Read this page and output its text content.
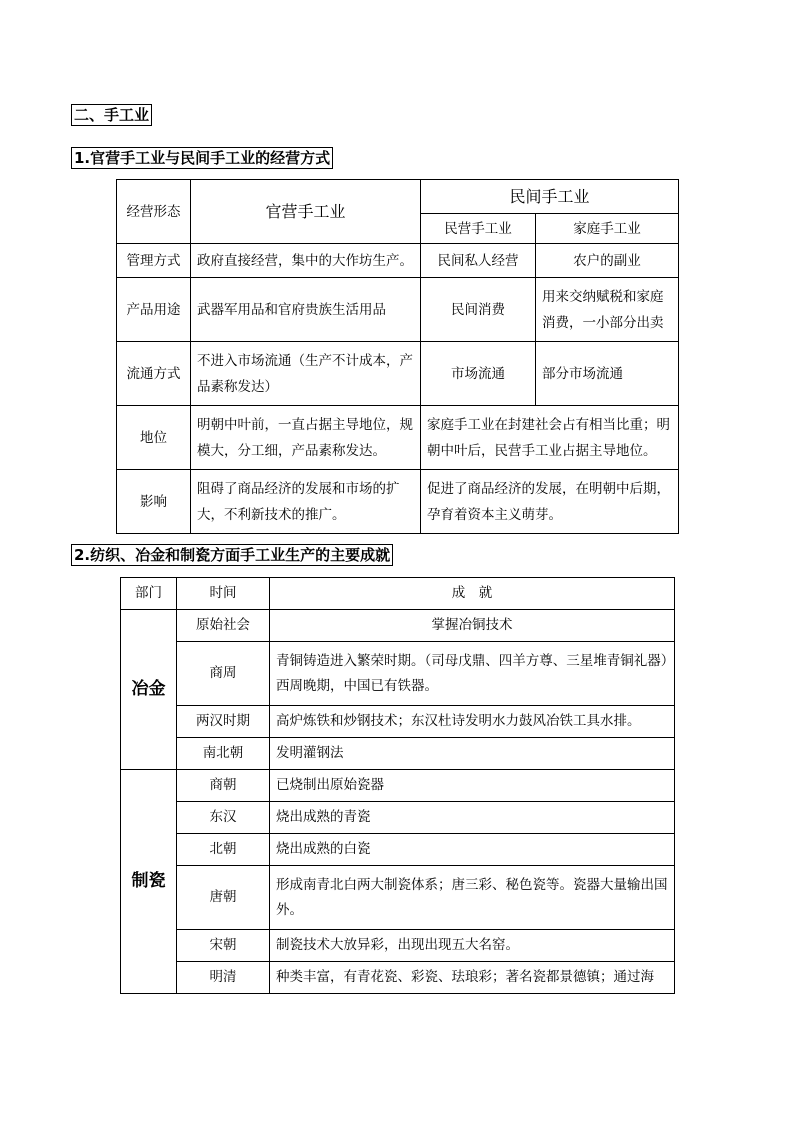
二、手工业
1.官营手工业与民间手工业的经营方式
经营形态	官营手工业	民间手工业	
		民营手工业	家庭手工业
管理方式	政府直接经营，集中的大作坊生产。	民间私人经营	农户的副业
产品用途	武器军用品和官府贵族生活用品	民间消费	用来交纳赋税和家庭消费，一小部分出卖
流通方式	不进入市场流通（生产不计成本，产品素称发达）	市场流通	部分市场流通
地位	明朝中叶前，一直占据主导地位，规模大，分工细，产品素称发达。	家庭手工业在封建社会占有相当比重；明朝中叶后，民营手工业占据主导地位。	
影响	阻碍了商品经济的发展和市场的扩大，不利新技术的推广。	促进了商品经济的发展，在明朝中后期，孕育着资本主义萌芽。	
2.纺织、冶金和制瓷方面手工业生产的主要成就
部门	时间	成　就
冶金	原始社会	掌握冶铜技术
	商周	青铜铸造进入繁荣时期。（司母戊鼎、四羊方尊、三星堆青铜礼器）西周晚期，中国已有铁器。
	两汉时期	高炉炼铁和炒钢技术；东汉杜诗发明水力鼓风冶铁工具水排。
	南北朝	发明灌钢法
制瓷	商朝	已烧制出原始瓷器
	东汉	烧出成熟的青瓷
	北朝	烧出成熟的白瓷
	唐朝	形成南青北白两大制瓷体系；唐三彩、秘色瓷等。瓷器大量输出国外。
	宋朝	制瓷技术大放异彩，出现出现五大名窑。
	明清	种类丰富，有青花瓷、彩瓷、珐琅彩；著名瓷都景德镇；通过海
